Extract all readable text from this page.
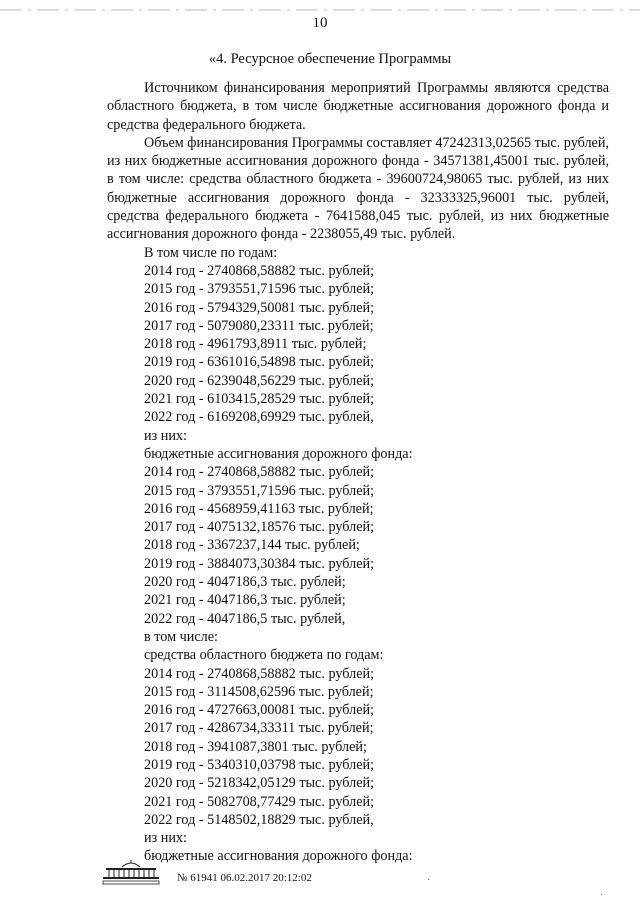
10
«4. Ресурсное обеспечение Программы

Источником финансирования мероприятий Программы являются средства областного бюджета, в том числе бюджетные ассигнования дорожного фонда и средства федерального бюджета.

Объем финансирования Программы составляет 47242313,02565 тыс. рублей, из них бюджетные ассигнования дорожного фонда - 34571381,45001 тыс. рублей, в том числе: средства областного бюджета - 39600724,98065 тыс. рублей, из них бюджетные ассигнования дорожного фонда - 32333325,96001 тыс. рублей, средства федерального бюджета - 7641588,045 тыс. рублей, из них бюджетные ассигнования дорожного фонда - 2238055,49 тыс. рублей.

В том числе по годам:
2014 год - 2740868,58882 тыс. рублей;
2015 год - 3793551,71596 тыс. рублей;
2016 год - 5794329,50081 тыс. рублей;
2017 год - 5079080,23311 тыс. рублей;
2018 год - 4961793,8911 тыс. рублей;
2019 год - 6361016,54898 тыс. рублей;
2020 год - 6239048,56229 тыс. рублей;
2021 год - 6103415,28529 тыс. рублей;
2022 год - 6169208,69929 тыс. рублей,
из них:
бюджетные ассигнования дорожного фонда:
2014 год - 2740868,58882 тыс. рублей;
2015 год - 3793551,71596 тыс. рублей;
2016 год - 4568959,41163 тыс. рублей;
2017 год - 4075132,18576 тыс. рублей;
2018 год - 3367237,144 тыс. рублей;
2019 год - 3884073,30384 тыс. рублей;
2020 год - 4047186,3 тыс. рублей;
2021 год - 4047186,3 тыс. рублей;
2022 год - 4047186,5 тыс. рублей,
в том числе:
средства областного бюджета по годам:
2014 год - 2740868,58882 тыс. рублей;
2015 год - 3114508,62596 тыс. рублей;
2016 год - 4727663,00081 тыс. рублей;
2017 год - 4286734,33311 тыс. рублей;
2018 год - 3941087,3801 тыс. рублей;
2019 год - 5340310,03798 тыс. рублей;
2020 год - 5218342,05129 тыс. рублей;
2021 год - 5082708,77429 тыс. рублей;
2022 год - 5148502,18829 тыс. рублей,
из них:
бюджетные ассигнования дорожного фонда:
№ 61941 06.02.2017 20:12:02	·
·
